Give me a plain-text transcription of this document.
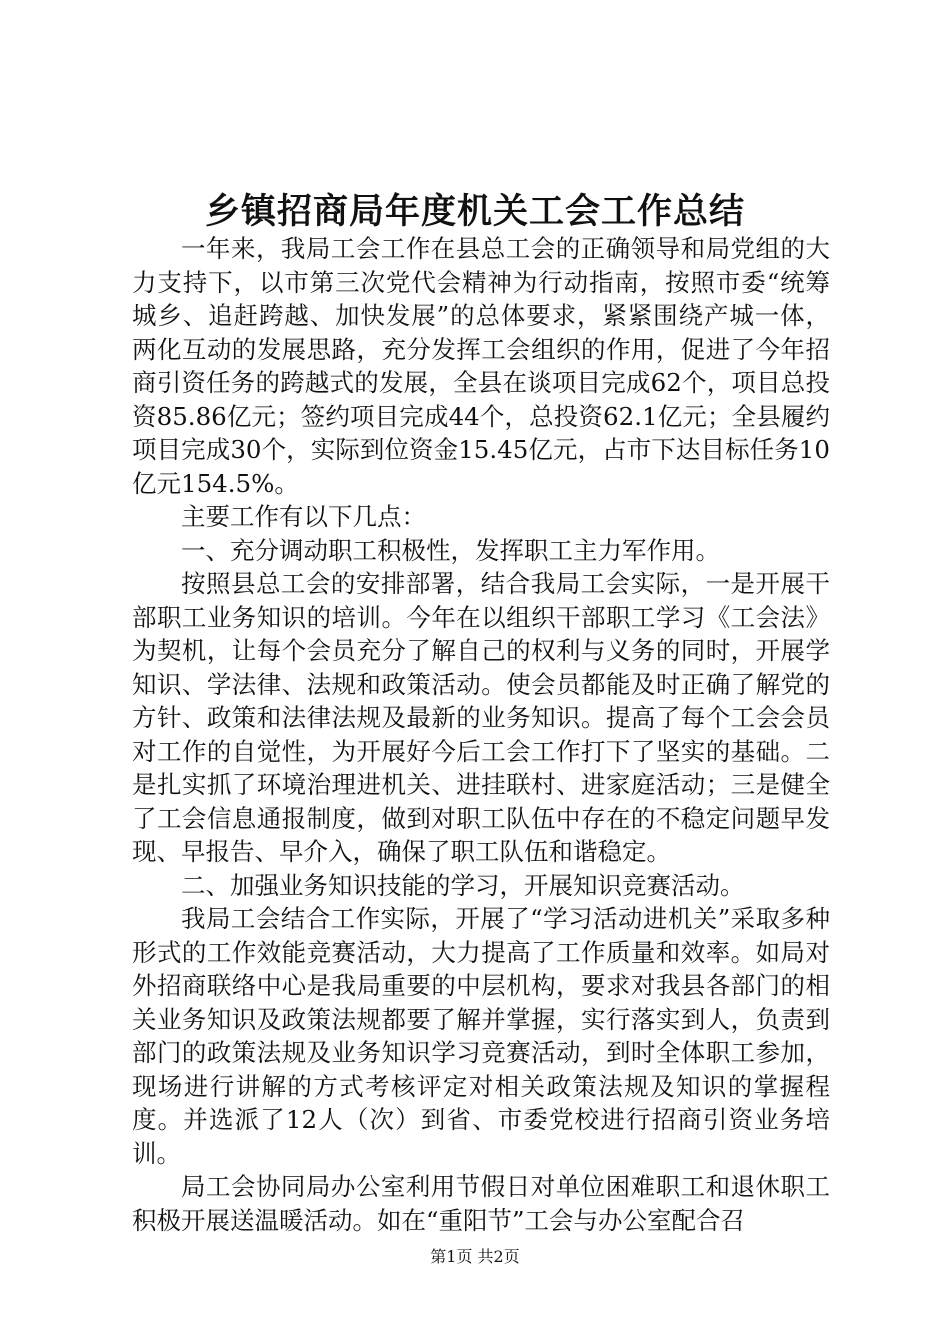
乡镇招商局年度机关工会工作总结

一年来，我局工会工作在县总工会的正确领导和局党组的大力支持下，以市第三次党代会精神为行动指南，按照市委“统筹城乡、追赶跨越、加快发展”的总体要求，紧紧围绕产城一体，两化互动的发展思路，充分发挥工会组织的作用，促进了今年招商引资任务的跨越式的发展，全县在谈项目完成62个，项目总投资85.86亿元；签约项目完成44个，总投资62.1亿元；全县履约项目完成30个，实际到位资金15.45亿元，占市下达目标任务10亿元154.5%。

主要工作有以下几点：

一、充分调动职工积极性，发挥职工主力军作用。

按照县总工会的安排部署，结合我局工会实际，一是开展干部职工业务知识的培训。今年在以组织干部职工学习《工会法》为契机，让每个会员充分了解自己的权利与义务的同时，开展学知识、学法律、法规和政策活动。使会员都能及时正确了解党的方针、政策和法律法规及最新的业务知识。提高了每个工会会员对工作的自觉性，为开展好今后工会工作打下了坚实的基础。二是扎实抓了环境治理进机关、进挂联村、进家庭活动；三是健全了工会信息通报制度，做到对职工队伍中存在的不稳定问题早发现、早报告、早介入，确保了职工队伍和谐稳定。

二、加强业务知识技能的学习，开展知识竞赛活动。

我局工会结合工作实际，开展了“学习活动进机关”采取多种形式的工作效能竞赛活动，大力提高了工作质量和效率。如局对外招商联络中心是我局重要的中层机构，要求对我县各部门的相关业务知识及政策法规都要了解并掌握，实行落实到人，负责到部门的政策法规及业务知识学习竞赛活动，到时全体职工参加，现场进行讲解的方式考核评定对相关政策法规及知识的掌握程度。并选派了12人（次）到省、市委党校进行招商引资业务培训。

局工会协同局办公室利用节假日对单位困难职工和退休职工积极开展送温暖活动。如在“重阳节”工会与办公室配合召

第1页 共2页
